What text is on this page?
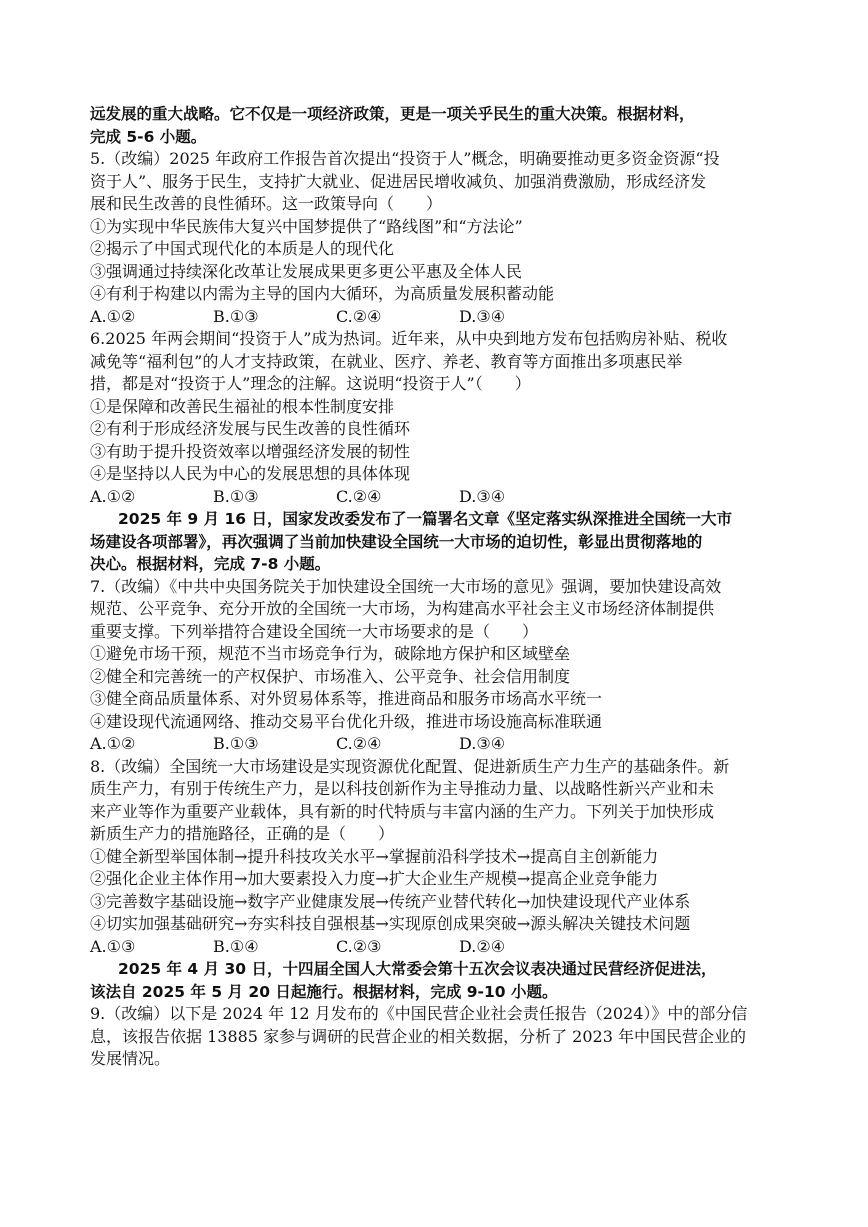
远发展的重大战略。它不仅是一项经济政策，更是一项关乎民生的重大决策。根据材料，
完成 5-6 小题。
5.（改编）2025 年政府工作报告首次提出“投资于人”概念，明确要推动更多资金资源“投
资于人”、服务于民生，支持扩大就业、促进居民增收减负、加强消费激励，形成经济发
展和民生改善的良性循环。这一政策导向（　　）
①为实现中华民族伟大复兴中国梦提供了“路线图”和“方法论”
②揭示了中国式现代化的本质是人的现代化
③强调通过持续深化改革让发展成果更多更公平惠及全体人民
④有利于构建以内需为主导的国内大循环，为高质量发展积蓄动能
A.①②	B.①③	C.②④	D.③④
6.2025 年两会期间“投资于人”成为热词。近年来，从中央到地方发布包括购房补贴、税收
减免等“福利包”的人才支持政策，在就业、医疗、养老、教育等方面推出多项惠民举
措，都是对“投资于人”理念的注解。这说明“投资于人”（　　）
①是保障和改善民生福祉的根本性制度安排
②有利于形成经济发展与民生改善的良性循环
③有助于提升投资效率以增强经济发展的韧性
④是坚持以人民为中心的发展思想的具体体现
A.①②	B.①③	C.②④	D.③④
2025 年 9 月 16 日，国家发改委发布了一篇署名文章《坚定落实纵深推进全国统一大市
场建设各项部署》，再次强调了当前加快建设全国统一大市场的迫切性，彰显出贯彻落地的
决心。根据材料，完成 7-8 小题。
7.（改编）《中共中央国务院关于加快建设全国统一大市场的意见》强调，要加快建设高效
规范、公平竞争、充分开放的全国统一大市场，为构建高水平社会主义市场经济体制提供
重要支撑。下列举措符合建设全国统一大市场要求的是（　　）
①避免市场干预，规范不当市场竞争行为，破除地方保护和区域壁垒
②健全和完善统一的产权保护、市场准入、公平竞争、社会信用制度
③健全商品质量体系、对外贸易体系等，推进商品和服务市场高水平统一
④建设现代流通网络、推动交易平台优化升级，推进市场设施高标准联通
A.①②	B.①③	C.②④	D.③④
8.（改编）全国统一大市场建设是实现资源优化配置、促进新质生产力生产的基础条件。新
质生产力，有别于传统生产力，是以科技创新作为主导推动力量、以战略性新兴产业和未
来产业等作为重要产业载体，具有新的时代特质与丰富内涵的生产力。下列关于加快形成
新质生产力的措施路径，正确的是（　　）
①健全新型举国体制→提升科技攻关水平→掌握前沿科学技术→提高自主创新能力
②强化企业主体作用→加大要素投入力度→扩大企业生产规模→提高企业竞争能力
③完善数字基础设施→数字产业健康发展→传统产业替代转化→加快建设现代产业体系
④切实加强基础研究→夯实科技自强根基→实现原创成果突破→源头解决关键技术问题
A.①③	B.①④	C.②③	D.②④
2025 年 4 月 30 日，十四届全国人大常委会第十五次会议表决通过民营经济促进法，
该法自 2025 年 5 月 20 日起施行。根据材料，完成 9-10 小题。
9.（改编）以下是 2024 年 12 月发布的《中国民营企业社会责任报告（2024）》中的部分信
息，该报告依据 13885 家参与调研的民营企业的相关数据，分析了 2023 年中国民营企业的
发展情况。
